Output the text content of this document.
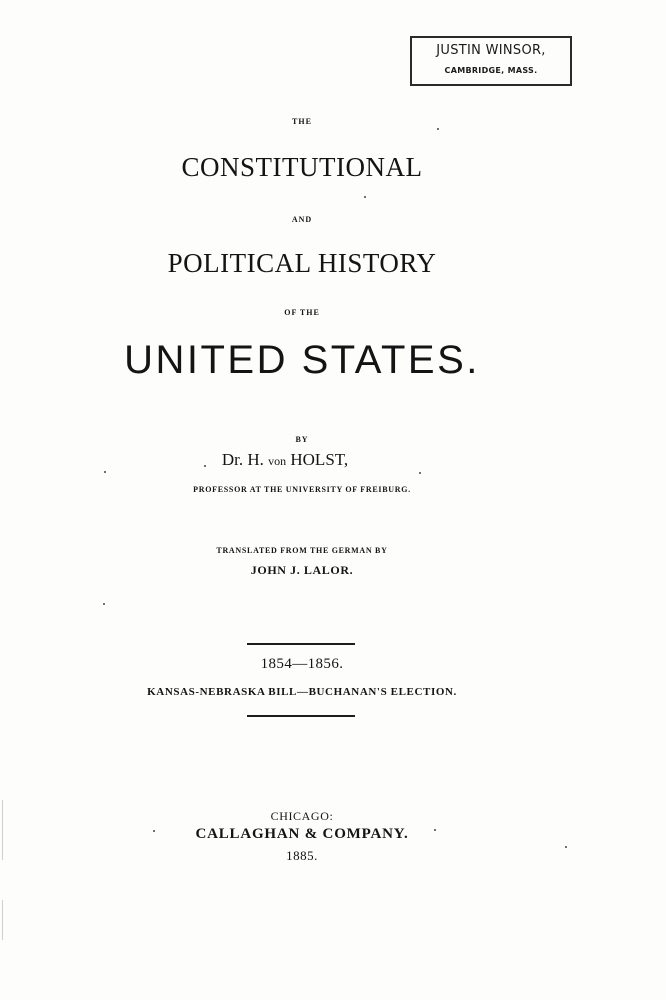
JUSTIN WINSOR,
CAMBRIDGE, MASS.
THE
CONSTITUTIONAL
AND
POLITICAL HISTORY
OF THE
UNITED STATES.
BY
Dr. H. von HOLST,
PROFESSOR AT THE UNIVERSITY OF FREIBURG.
TRANSLATED FROM THE GERMAN BY
JOHN J. LALOR.
1854—1856.
KANSAS-NEBRASKA BILL—BUCHANAN'S ELECTION.
CHICAGO:
CALLAGHAN & COMPANY.
1885.
